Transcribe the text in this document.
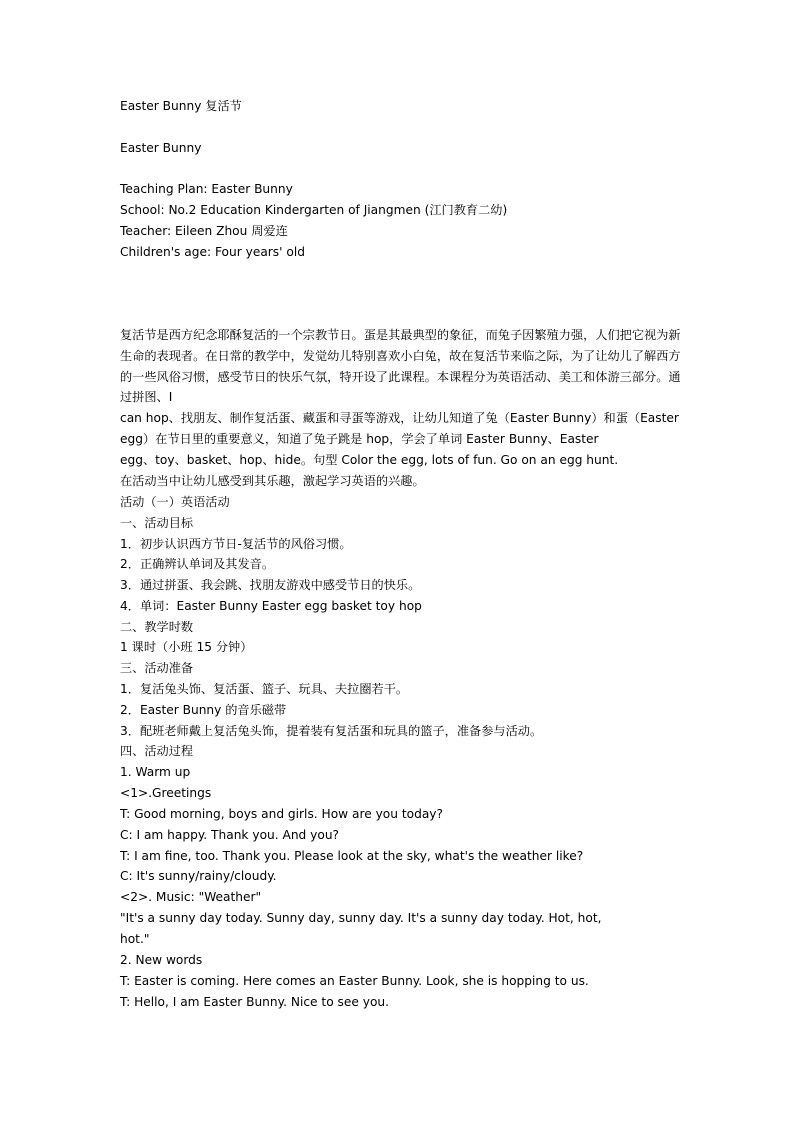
Easter Bunny 复活节
Easter Bunny
Teaching Plan: Easter Bunny
School: No.2 Education Kindergarten of Jiangmen (江门教育二幼)
Teacher: Eileen Zhou 周爱连
Children's age: Four years' old
复活节是西方纪念耶酥复活的一个宗教节日。蛋是其最典型的象征，而兔子因繁殖力强，人们把它视为新
生命的表现者。在日常的教学中，发觉幼儿特别喜欢小白兔，故在复活节来临之际，为了让幼儿了解西方
的一些风俗习惯，感受节日的快乐气氛，特开设了此课程。本课程分为英语活动、美工和体游三部分。通
过拼图、I
can hop、找朋友、制作复活蛋、藏蛋和寻蛋等游戏，让幼儿知道了兔（Easter Bunny）和蛋（Easter
egg）在节日里的重要意义，知道了兔子跳是 hop，学会了单词 Easter Bunny、Easter
egg、toy、basket、hop、hide。句型 Color the egg, lots of fun. Go on an egg hunt.
在活动当中让幼儿感受到其乐趣，激起学习英语的兴趣。
活动（一）英语活动
一、活动目标
1．初步认识西方节日-复活节的风俗习惯。
2．正确辨认单词及其发音。
3．通过拼蛋、我会跳、找朋友游戏中感受节日的快乐。
4．单词：Easter Bunny Easter egg basket toy hop
二、教学时数
1 课时（小班 15 分钟）
三、活动准备
1．复活兔头饰、复活蛋、篮子、玩具、夫拉圈若干。
2．Easter Bunny 的音乐磁带
3．配班老师戴上复活兔头饰，提着装有复活蛋和玩具的篮子，准备参与活动。
四、活动过程
1. Warm up
<1>.Greetings
T: Good morning, boys and girls. How are you today?
C: I am happy. Thank you. And you?
T: I am fine, too. Thank you. Please look at the sky, what's the weather like?
C: It's sunny/rainy/cloudy.
<2>. Music: "Weather"
"It's a sunny day today. Sunny day, sunny day. It's a sunny day today. Hot, hot,
hot."
2. New words
T: Easter is coming. Here comes an Easter Bunny. Look, she is hopping to us.
T: Hello, I am Easter Bunny. Nice to see you.
